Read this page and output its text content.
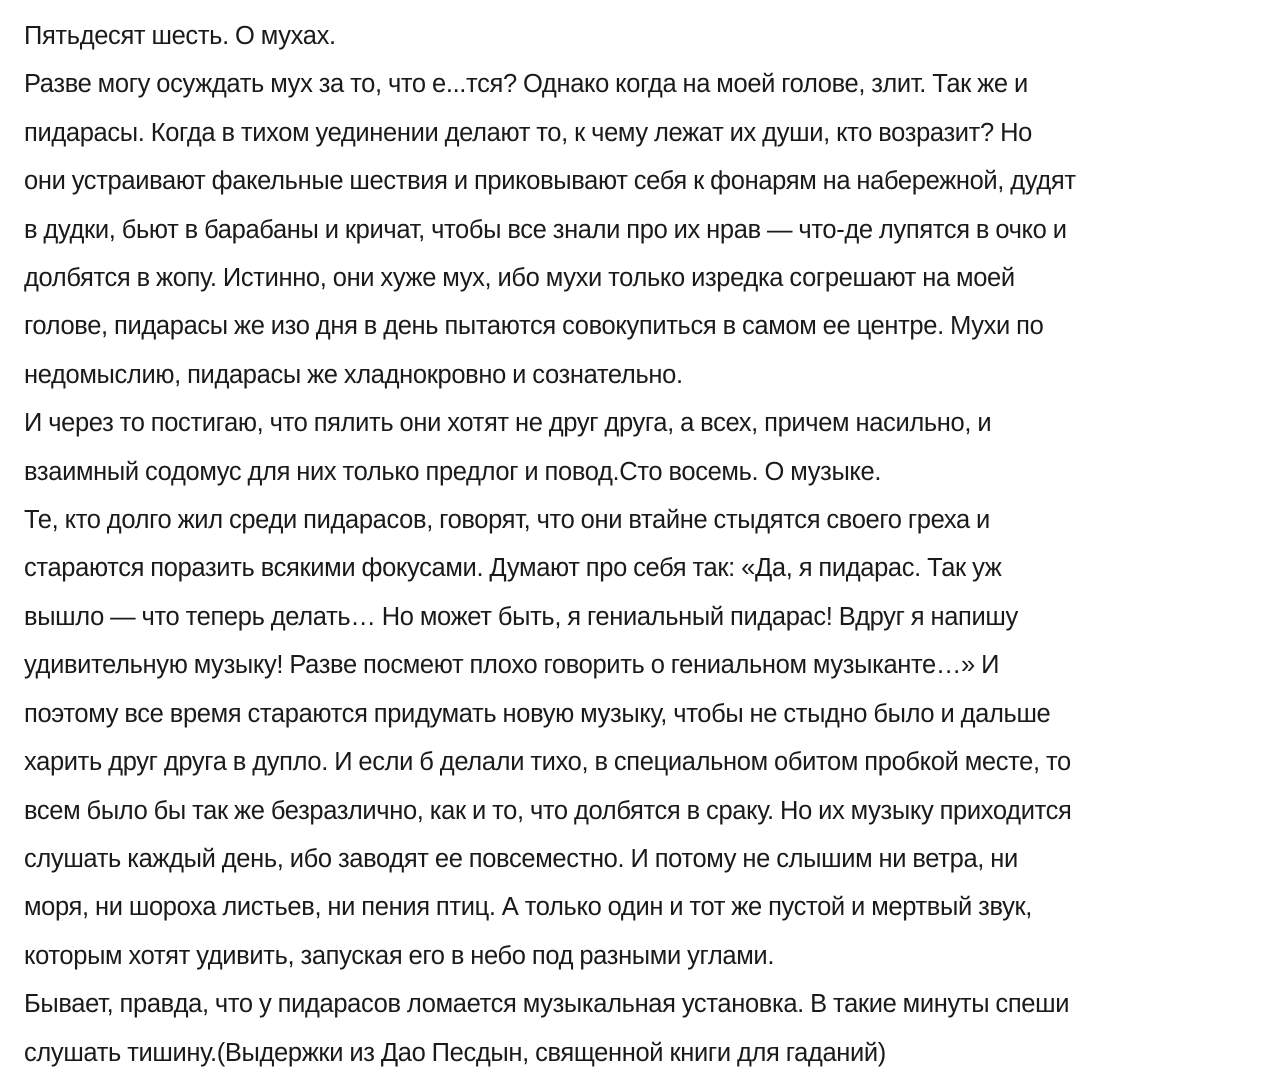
Пятьдесят шесть. О мухах.
Разве могу осуждать мух за то, что е...тся? Однако когда на моей голове, злит. Так же и
пидарасы. Когда в тихом уединении делают то, к чему лежат их души, кто возразит? Но
они устраивают факельные шествия и приковывают себя к фонарям на набережной, дудят
в дудки, бьют в барабаны и кричат, чтобы все знали про их нрав — что-де лупятся в очко и
долбятся в жопу. Истинно, они хуже мух, ибо мухи только изредка согрешают на моей
голове, пидарасы же изо дня в день пытаются совокупиться в самом ее центре. Мухи по
недомыслию, пидарасы же хладнокровно и сознательно.
И через то постигаю, что пялить они хотят не друг друга, а всех, причем насильно, и
взаимный содомус для них только предлог и повод.Сто восемь. О музыке.
Те, кто долго жил среди пидарасов, говорят, что они втайне стыдятся своего греха и
стараются поразить всякими фокусами. Думают про себя так: «Да, я пидарас. Так уж
вышло — что теперь делать… Но может быть, я гениальный пидарас! Вдруг я напишу
удивительную музыку! Разве посмеют плохо говорить о гениальном музыканте…» И
поэтому все время стараются придумать новую музыку, чтобы не стыдно было и дальше
харить друг друга в дупло. И если б делали тихо, в специальном обитом пробкой месте, то
всем было бы так же безразлично, как и то, что долбятся в сраку. Но их музыку приходится
слушать каждый день, ибо заводят ее повсеместно. И потому не слышим ни ветра, ни
моря, ни шороха листьев, ни пения птиц. А только один и тот же пустой и мертвый звук,
которым хотят удивить, запуская его в небо под разными углами.
Бывает, правда, что у пидарасов ломается музыкальная установка. В такие минуты спеши
слушать тишину.(Выдержки из Дао Песдын, священной книги для гаданий)
